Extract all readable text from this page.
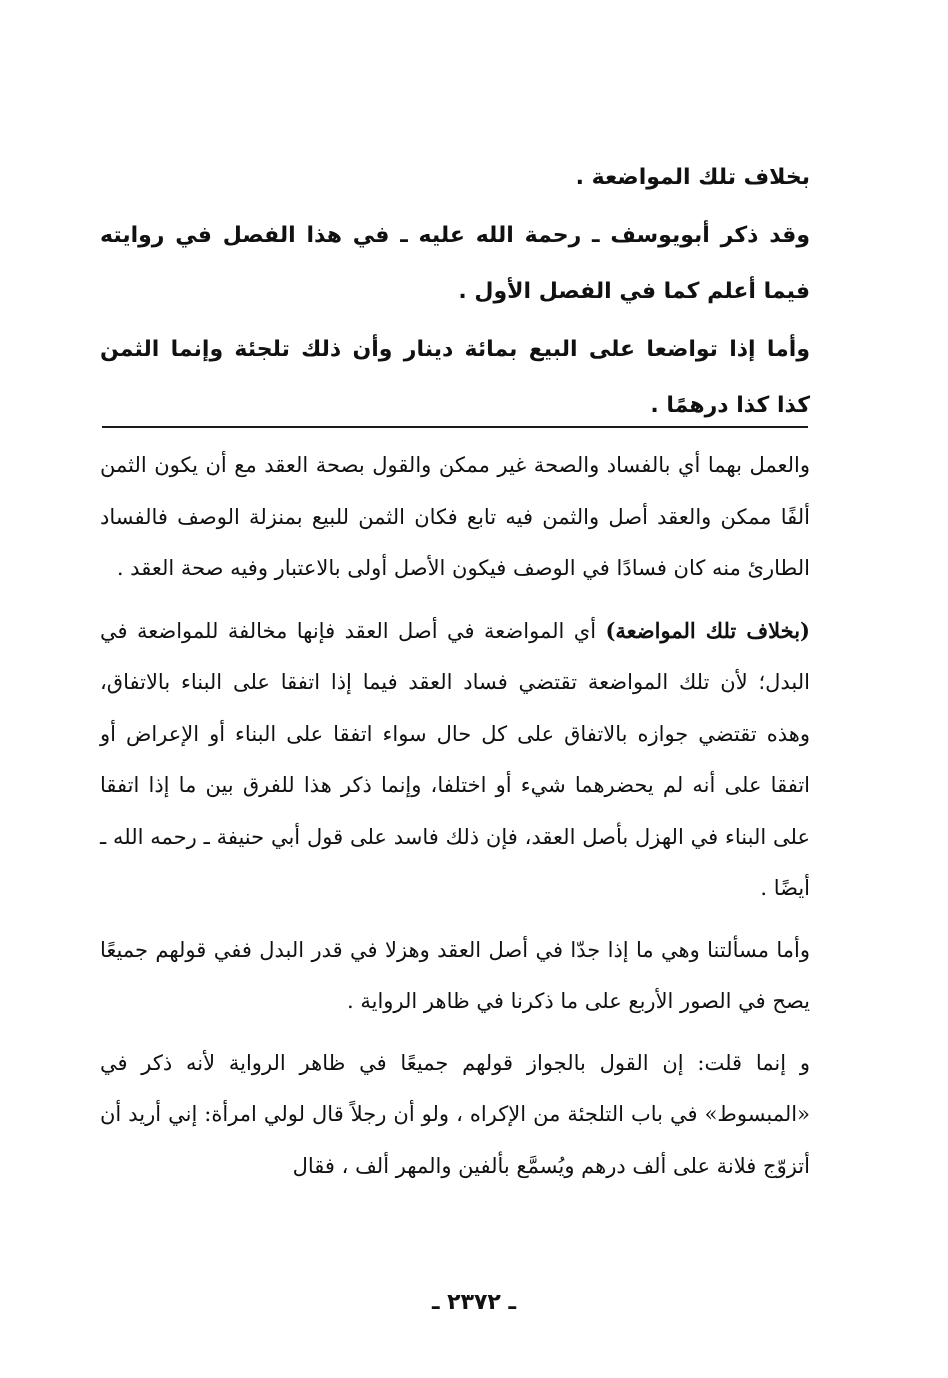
بخلاف تلك المواضعة .

وقد ذكر أبويوسف ـ رحمة الله عليه ـ في هذا الفصل في روايته فيما أعلم كما في الفصل الأول .

وأما إذا تواضعا على البيع بمائة دينار وأن ذلك تلجئة وإنما الثمن كذا كذا درهمًا .

والعمل بهما أي بالفساد والصحة غير ممكن والقول بصحة العقد مع أن يكون الثمن ألفًا ممكن والعقد أصل والثمن فيه تابع فكان الثمن للبيع بمنزلة الوصف فالفساد الطارئ منه كان فسادًا في الوصف فيكون الأصل أولى بالاعتبار وفيه صحة العقد .

(بخلاف تلك المواضعة) أي المواضعة في أصل العقد فإنها مخالفة للمواضعة في البدل؛ لأن تلك المواضعة تقتضي فساد العقد فيما إذا اتفقا على البناء بالاتفاق، وهذه تقتضي جوازه بالاتفاق على كل حال سواء اتفقا على البناء أو الإعراض أو اتفقا على أنه لم يحضرهما شيء أو اختلفا، وإنما ذكر هذا للفرق بين ما إذا اتفقا على البناء في الهزل بأصل العقد، فإن ذلك فاسد على قول أبي حنيفة ـ رحمه الله ـ أيضًا .

وأما مسألتنا وهي ما إذا جدّا في أصل العقد وهزلا في قدر البدل ففي قولهم جميعًا يصح في الصور الأربع على ما ذكرنا في ظاهر الرواية .

و إنما قلت: إن القول بالجواز قولهم جميعًا في ظاهر الرواية لأنه ذكر في «المبسوط» في باب التلجئة من الإكراه ، ولو أن رجلاً قال لولي امرأة: إني أريد أن أتزوّج فلانة على ألف درهم ويُسمَّع بألفين والمهر ألف ، فقال

ـ ٢٣٧٢ ـ
